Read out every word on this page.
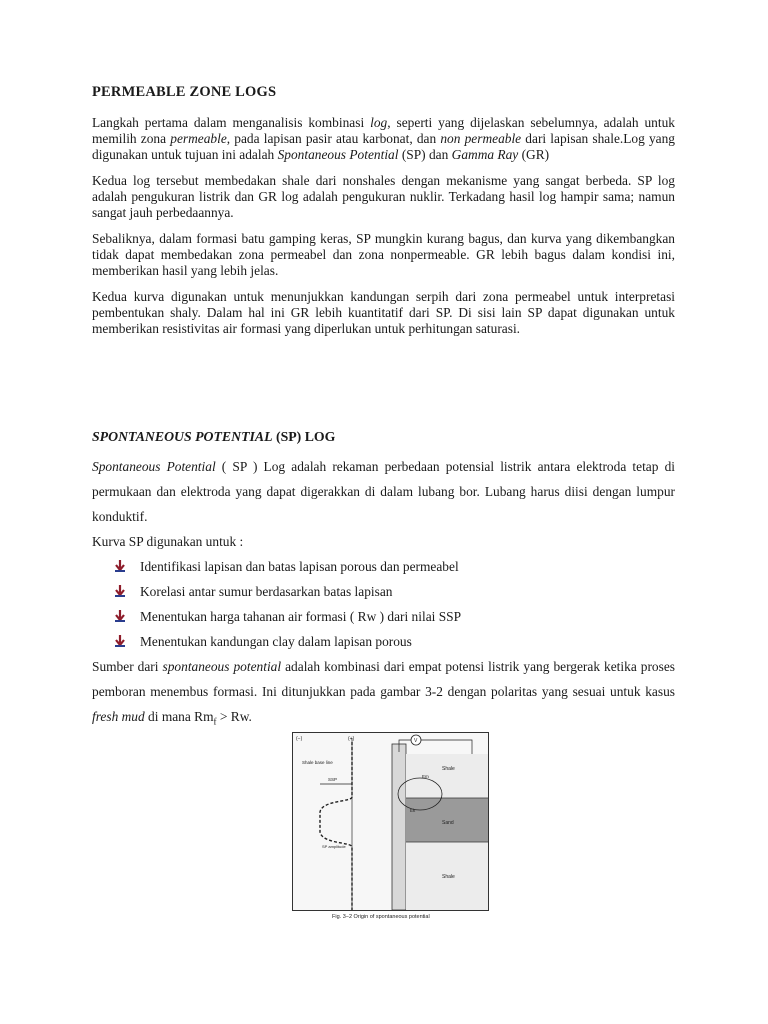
PERMEABLE ZONE LOGS

Langkah pertama dalam menganalisis kombinasi log, seperti yang dijelaskan sebelumnya, adalah untuk memilih zona permeable, pada lapisan pasir atau karbonat, dan non permeable dari lapisan shale.Log yang digunakan untuk tujuan ini adalah Spontaneous Potential (SP) dan Gamma Ray (GR)

Kedua log tersebut membedakan shale dari nonshales dengan mekanisme yang sangat berbeda. SP log adalah pengukuran listrik dan GR log adalah pengukuran nuklir. Terkadang hasil log hampir sama; namun sangat jauh perbedaannya.

Sebaliknya, dalam formasi batu gamping keras, SP mungkin kurang bagus, dan kurva yang dikembangkan tidak dapat membedakan zona permeabel dan zona nonpermeable. GR lebih bagus dalam kondisi ini, memberikan hasil yang lebih jelas.

Kedua kurva digunakan untuk menunjukkan kandungan serpih dari zona permeabel untuk interpretasi pembentukan shaly. Dalam hal ini GR lebih kuantitatif dari SP. Di sisi lain SP dapat digunakan untuk memberikan resistivitas air formasi yang diperlukan untuk perhitungan saturasi.

SPONTANEOUS POTENTIAL (SP) LOG

Spontaneous Potential ( SP ) Log adalah rekaman perbedaan potensial listrik antara elektroda tetap di permukaan dan elektroda yang dapat digerakkan di dalam lubang bor. Lubang harus diisi dengan lumpur konduktif.

Kurva SP digunakan untuk :

Identifikasi lapisan dan batas lapisan porous dan permeabel
Korelasi antar sumur berdasarkan batas lapisan
Menentukan harga tahanan air formasi ( Rw ) dari nilai SSP
Menentukan kandungan clay dalam lapisan porous

Sumber dari spontaneous potential adalah kombinasi dari empat potensi listrik yang bergerak ketika proses pemboran menembus formasi. Ini ditunjukkan pada gambar 3-2 dengan polaritas yang sesuai untuk kasus fresh mud di mana $Rm_f > Rw$.

(−)	(+)
Shale base line
SSP
SP amplitude
V
Em
Ek
Shale
Sand
Shale
Fig. 3−2 Origin of spontaneous potential
